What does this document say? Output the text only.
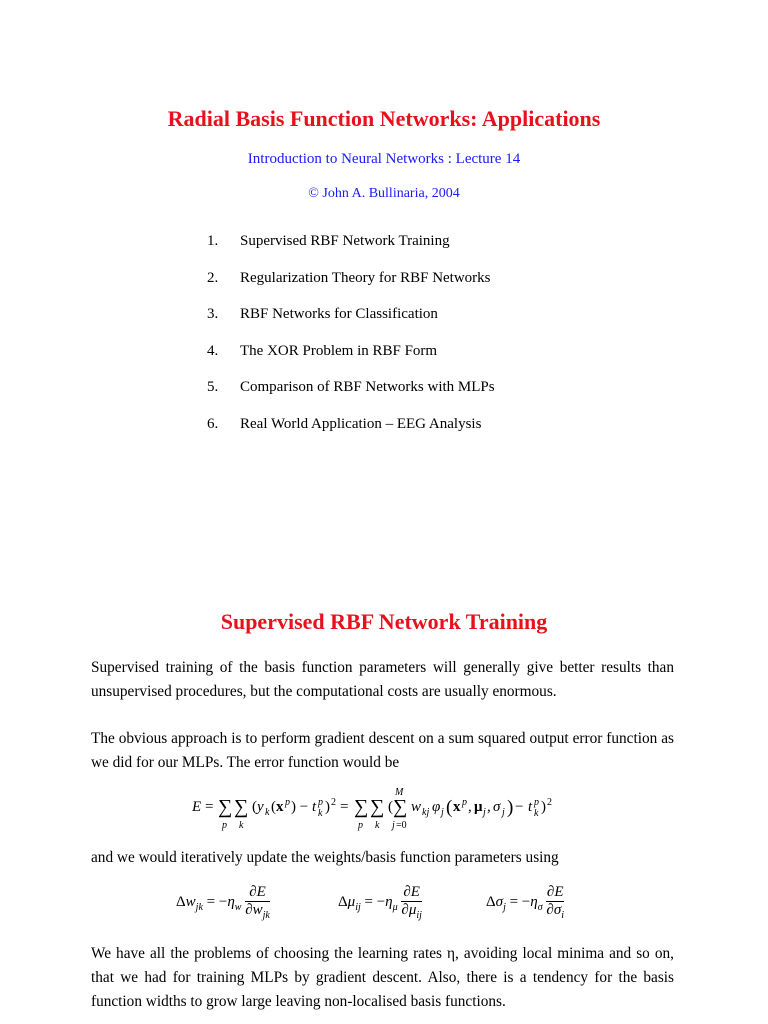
Radial Basis Function Networks: Applications
Introduction to Neural Networks : Lecture 14
© John A. Bullinaria, 2004
1. Supervised RBF Network Training
2. Regularization Theory for RBF Networks
3. RBF Networks for Classification
4. The XOR Problem in RBF Form
5. Comparison of RBF Networks with MLPs
6. Real World Application – EEG Analysis
Supervised RBF Network Training
Supervised training of the basis function parameters will generally give better results than unsupervised procedures, but the computational costs are usually enormous.
The obvious approach is to perform gradient descent on a sum squared output error function as we did for our MLPs. The error function would be
E = ∑
p
∑
k
( y k ( x p ) − t p
k ) 2 = ∑
p
∑
k
(
M
∑
j =0
w kj φ j ( x p , μ j , σ j ) − t p
k ) 2
and we would iteratively update the weights/basis function parameters using
$\Delta w_{jk} = -\eta_w \frac{\partial E}{\partial w_{jk}}$	$\Delta\mu_{ij} = -\eta_\mu \frac{\partial E}{\partial\mu_{ij}}$	$\Delta\sigma_j = -\eta_\sigma \frac{\partial E}{\partial\sigma_i}$
We have all the problems of choosing the learning rates η, avoiding local minima and so on, that we had for training MLPs by gradient descent. Also, there is a tendency for the basis function widths to grow large leaving non-localised basis functions.
